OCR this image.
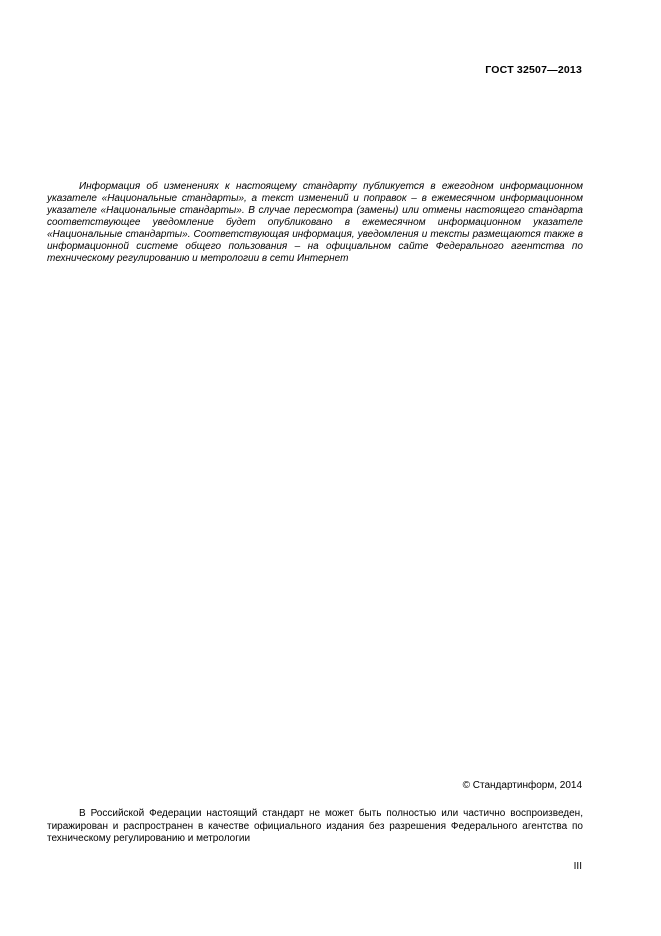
ГОСТ 32507—2013

Информация об изменениях к настоящему стандарту публикуется в ежегодном информационном указателе «Национальные стандарты», а текст изменений и поправок – в ежемесячном информационном указателе «Национальные стандарты». В случае пересмотра (замены) или отмены настоящего стандарта соответствующее уведомление будет опубликовано в ежемесячном информационном указателе «Национальные стандарты». Соответствующая информация, уведомления и тексты размещаются также в информационной системе общего пользования – на официальном сайте Федерального агентства по техническому регулированию и метрологии в сети Интернет

© Стандартинформ, 2014

В Российской Федерации настоящий стандарт не может быть полностью или частично воспроизведен, тиражирован и распространен в качестве официального издания без разрешения Федерального агентства по техническому регулированию и метрологии

III
